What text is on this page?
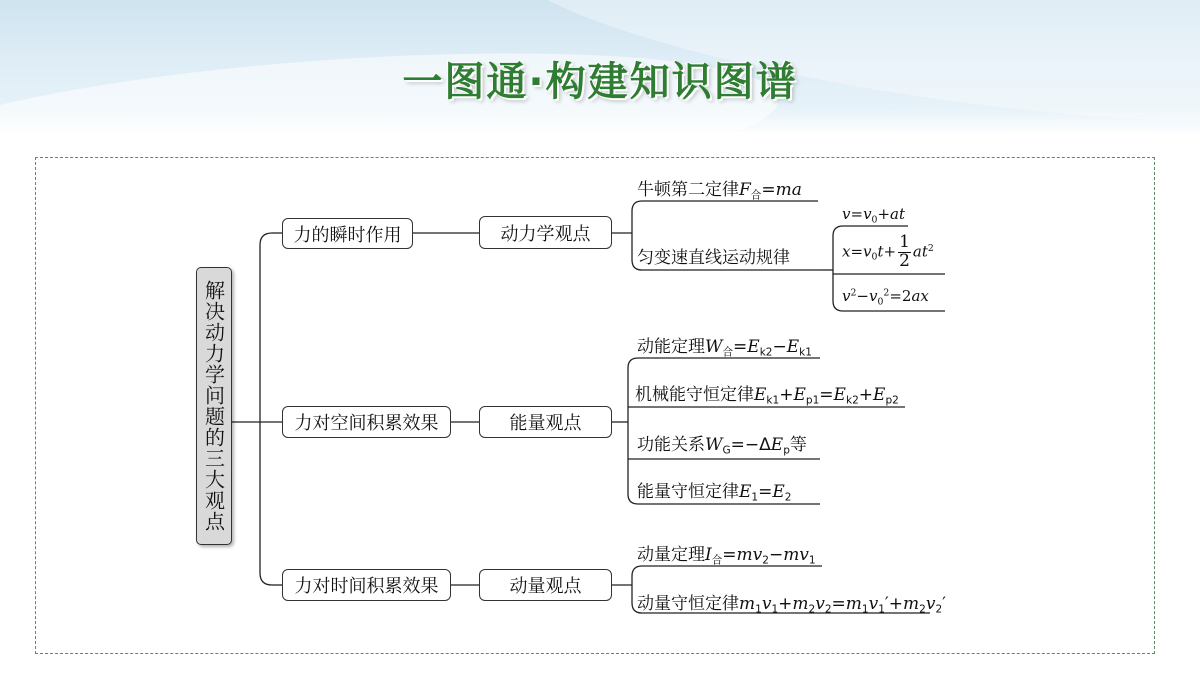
一图通·构建知识图谱
解决动力学问题的三大观点
力的瞬时作用
力对空间积累效果
力对时间积累效果
动力学观点
能量观点
动量观点
牛顿第二定律$F_合=ma$
匀变速直线运动规律
$v=v_0+at$
$x=v_0t+ \frac{1}{2} at^2$
$v^2-v_0^2=2ax$
动能定理$W_合=E_{k2}-E_{k1}$
机械能守恒定律$E_{k1}+E_{p1}=E_{k2}+E_{p2}$
功能关系$W_G=-\Delta E_p$等
能量守恒定律$E_1=E_2$
动量定理$I_合=mv_2-mv_1$
动量守恒定律$m_1v_1+m_2v_2=m_1v_1'+m_2v_2'$
